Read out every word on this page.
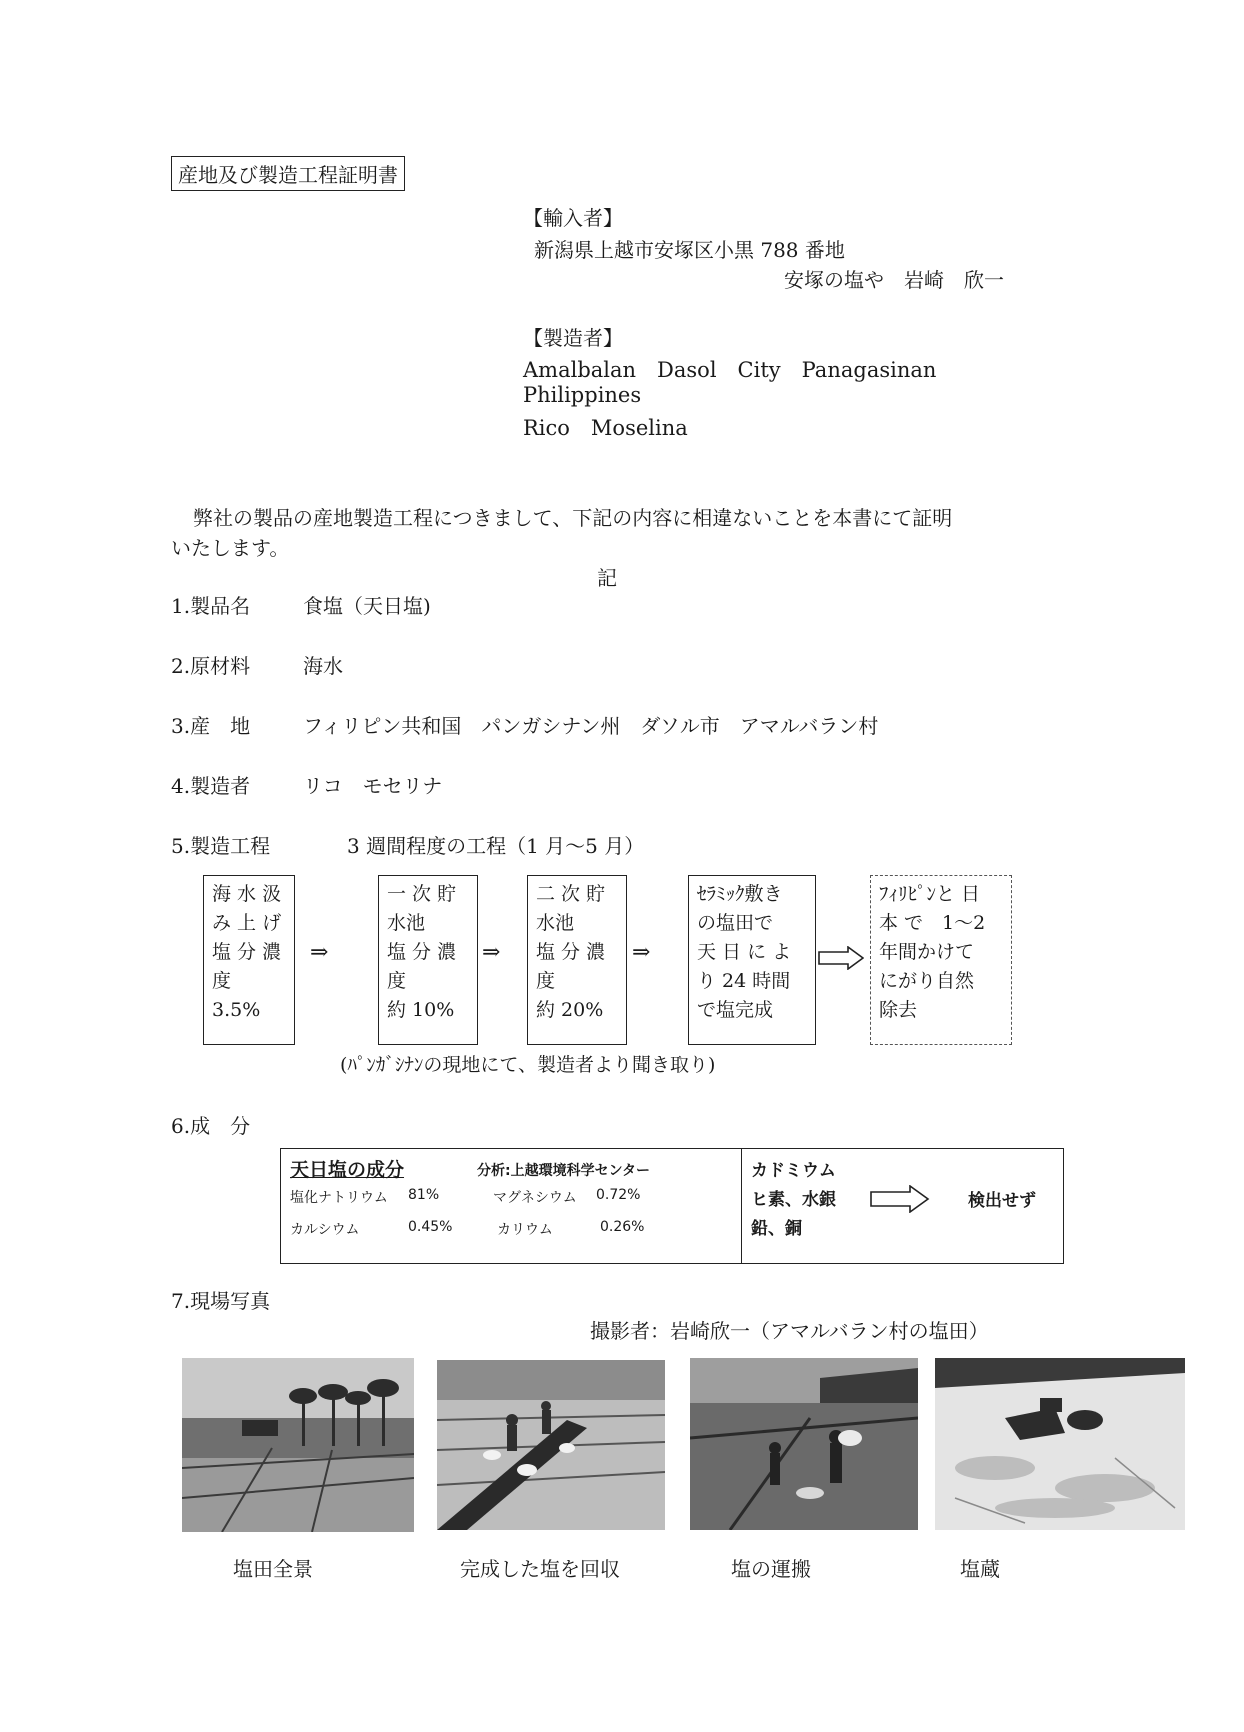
産地及び製造工程証明書
【輸入者】
新潟県上越市安塚区小黒 788 番地
安塚の塩や　岩崎　欣一
【製造者】
Amalbalan　Dasol　City　Panagasinan
Philippines
Rico　Moselina
弊社の製品の産地製造工程につきまして、下記の内容に相違ないことを本書にて証明
いたします。
記
1.製品名	食塩（天日塩)
2.原材料	海水
3.産　地	フィリピン共和国　パンガシナン州　ダソル市　アマルバラン村
4.製造者	リコ　モセリナ
5.製造工程	3 週間程度の工程（1 月～5 月）
海 水 汲
み 上 げ
塩 分 濃
度
3.5%
⇒
一 次 貯
水池
塩 分 濃
度
約 10%
⇒
二 次 貯
水池
塩 分 濃
度
約 20%
⇒
ｾﾗﾐｯｸ敷き
の塩田で
天 日 に よ
り 24 時間
で塩完成
ﾌｨﾘﾋﾟﾝと 日
本 で　1～2
年間かけて
にがり自然
除去
(ﾊﾟﾝｶﾞｼﾅﾝの現地にて、製造者より聞き取り)
6.成　分
天日塩の成分	分析:上越環境科学センター
塩化ナトリウム 81%	マグネシウム 0.72%
カルシウム	0.45%	カリウム	0.26%
カドミウム
ヒ素、水銀
鉛、銅
検出せず
7.現場写真
撮影者：岩崎欣一（アマルバラン村の塩田）
塩田全景	完成した塩を回収	塩の運搬	塩蔵
